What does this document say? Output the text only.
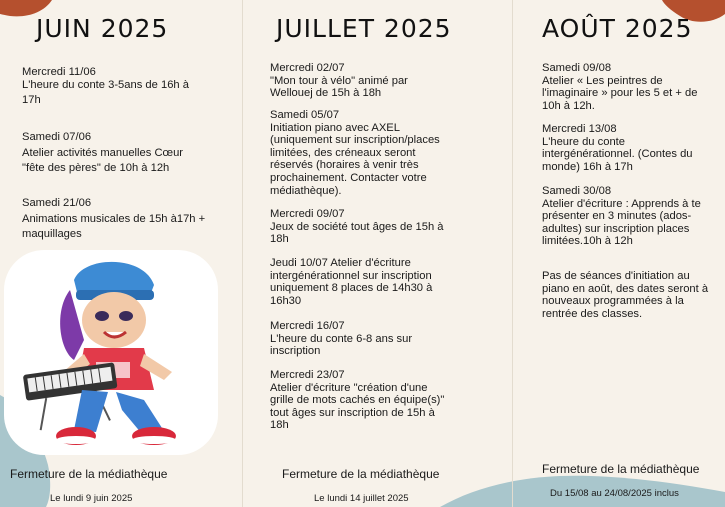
JUIN 2025
Mercredi 11/06
L'heure du conte 3-5ans de 16h à
17h
Samedi 07/06
Atelier activités manuelles Cœur
"fête des pères" de 10h à 12h
Samedi 21/06
Animations musicales de 15h à17h +
maquillages
Fermeture de la médiathèque
Le lundi 9 juin 2025
JUILLET 2025
Mercredi 02/07
"Mon tour à vélo" animé par
Wellouej de 15h à 18h
Samedi 05/07
Initiation piano avec AXEL
(uniquement sur inscription/places
limitées, des créneaux seront
réservés (horaires à venir très
prochainement. Contacter votre
médiathèque).
Mercredi 09/07
Jeux de société tout âges de 15h à
18h
Jeudi 10/07 Atelier d'écriture
intergénérationnel sur inscription
uniquement 8 places de 14h30 à
16h30
Mercredi 16/07
L'heure du conte 6-8 ans sur
inscription
Mercredi 23/07
Atelier d'écriture "création d'une
grille de mots cachés en équipe(s)"
tout âges sur inscription de 15h à
18h
Fermeture de la médiathèque
Le lundi 14 juillet 2025
AOÛT 2025
Samedi 09/08
Atelier « Les peintres de
l'imaginaire » pour les 5 et + de
10h à 12h.
Mercredi 13/08
L'heure du conte
intergénérationnel. (Contes du
monde) 16h à 17h
Samedi 30/08
Atelier d'écriture : Apprends à te
présenter en 3 minutes (ados-
adultes) sur inscription places
limitées.10h à 12h
Pas de séances d'initiation au
piano en août, des dates seront à
nouveaux programmées à la
rentrée des classes.
Fermeture de la médiathèque
Du 15/08 au 24/08/2025 inclus
